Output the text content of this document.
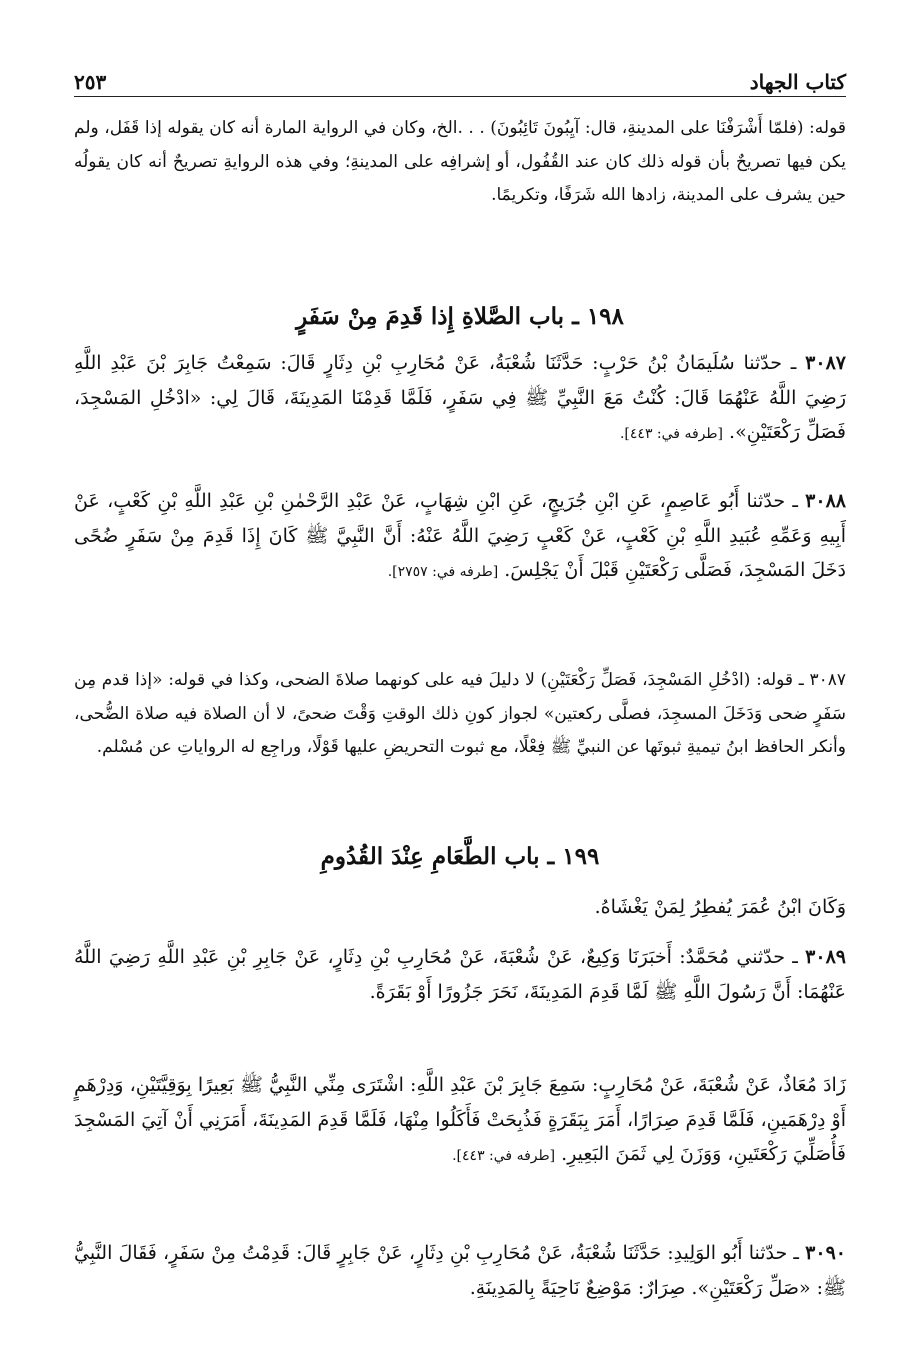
كتاب الجهاد
٢٥٣

قوله: (فلمّا أَشْرَفْنَا على المدينةِ، قال: آيِبُونَ تَائِبُونَ) . . .الخ، وكان في الرواية المارة أنه كان يقوله إذا قَفَل، ولم يكن فيها تصريحٌ بأن قوله ذلك كان عند القُفُول، أو إشرافِه على المدينةِ؛ وفي هذه الروايةِ تصريحٌ أنه كان يقولُه حين يشرف على المدينة، زادها الله شَرَفًا، وتكريمًا.

١٩٨ ـ باب الصَّلاةِ إِذا قَدِمَ مِنْ سَفَرٍ

٣٠٨٧ ـ حدّثنا سُلَيمَانُ بْنُ حَرْبٍ: حَدَّثَنَا شُعْبَةُ، عَنْ مُحَارِبِ بْنِ دِثَارٍ قَالَ: سَمِعْتُ جَابِرَ بْنَ عَبْدِ اللَّهِ رَضِيَ اللَّهُ عَنْهُمَا قَالَ: كُنْتُ مَعَ النَّبِيِّ ﷺ فِي سَفَرٍ، فَلَمَّا قَدِمْنَا المَدِينَةَ، قَالَ لِي: «ادْخُلِ المَسْجِدَ، فَصَلِّ رَكْعَتَيْنِ». [طرفه في: ٤٤٣].

٣٠٨٨ ـ حدّثنا أَبُو عَاصِمٍ، عَنِ ابْنِ جُرَيجٍ، عَنِ ابْنِ شِهَابٍ، عَنْ عَبْدِ الرَّحْمٰنِ بْنِ عَبْدِ اللَّهِ بْنِ كَعْبٍ، عَنْ أَبِيهِ وَعَمِّهِ عُبَيدِ اللَّهِ بْنِ كَعْبٍ، عَنْ كَعْبٍ رَضِيَ اللَّهُ عَنْهُ: أَنَّ النَّبِيَّ ﷺ كَانَ إِذَا قَدِمَ مِنْ سَفَرٍ ضُحًى دَخَلَ المَسْجِدَ، فَصَلَّى رَكْعَتَيْنِ قَبْلَ أَنْ يَجْلِسَ. [طرفه في: ٢٧٥٧].

٣٠٨٧ ـ قوله: (ادْخُلِ المَسْجِدَ، فَصَلِّ رَكْعَتَيْنِ) لا دليلَ فيه على كونهما صلاةَ الضحى، وكذا في قوله: «إذا قدم مِن سَفَرٍ ضحى وَدَخَلَ المسجِدَ، فصلَّى ركعتين» لجواز كونِ ذلك الوقتِ وَقْتَ ضحىً، لا أن الصلاة فيه صلاة الضُّحى، وأنكر الحافظ ابنُ تيميةِ ثبوتَها عن النبيِّ ﷺ فِعْلًا، مع ثبوت التحريضِ عليها قَوْلًا، وراجِع له الرواياتِ عن مُسْلم.

١٩٩ ـ باب الطَّعَامِ عِنْدَ القُدُومِ

وَكَانَ ابْنُ عُمَرَ يُفطِرُ لِمَنْ يَغْشَاهُ.

٣٠٨٩ ـ حدّثني مُحَمَّدٌ: أَخبَرَنَا وَكِيعٌ، عَنْ شُعْبَةَ، عَنْ مُحَارِبِ بْنِ دِثَارٍ، عَنْ جَابِرِ بْنِ عَبْدِ اللَّهِ رَضِيَ اللَّهُ عَنْهُمَا: أَنَّ رَسُولَ اللَّهِ ﷺ لَمَّا قَدِمَ المَدِينَةَ، نَحَرَ جَزُورًا أَوْ بَقَرَةً.

زَادَ مُعَاذٌ، عَنْ شُعْبَةَ، عَنْ مُحَارِبٍ: سَمِعَ جَابِرَ بْنَ عَبْدِ اللَّهِ: اشْتَرَى مِنِّي النَّبِيُّ ﷺ بَعِيرًا بِوَقِيَّتَيْنِ، وَدِرْهَمٍ أَوْ دِرْهَمَينِ، فَلَمَّا قَدِمَ صِرَارًا، أَمَرَ بِبَقَرَةٍ فَذُبِحَتْ فَأَكَلُوا مِنْهَا، فَلَمَّا قَدِمَ المَدِينَةَ، أَمَرَنِي أَنْ آتِيَ المَسْجِدَ فَأُصَلِّيَ رَكْعَتَينِ، وَوَزَنَ لِي ثَمَنَ البَعِيرِ. [طرفه في: ٤٤٣].

٣٠٩٠ ـ حدّثنا أَبُو الوَلِيدِ: حَدَّثَنَا شُعْبَةُ، عَنْ مُحَارِبِ بْنِ دِثَارٍ، عَنْ جَابِرٍ قَالَ: قَدِمْتُ مِنْ سَفَرٍ، فَقَالَ النَّبِيُّ ﷺ: «صَلِّ رَكْعَتَيْنِ». صِرَارٌ: مَوْضِعٌ نَاحِيَةً بِالمَدِينَةِ.
